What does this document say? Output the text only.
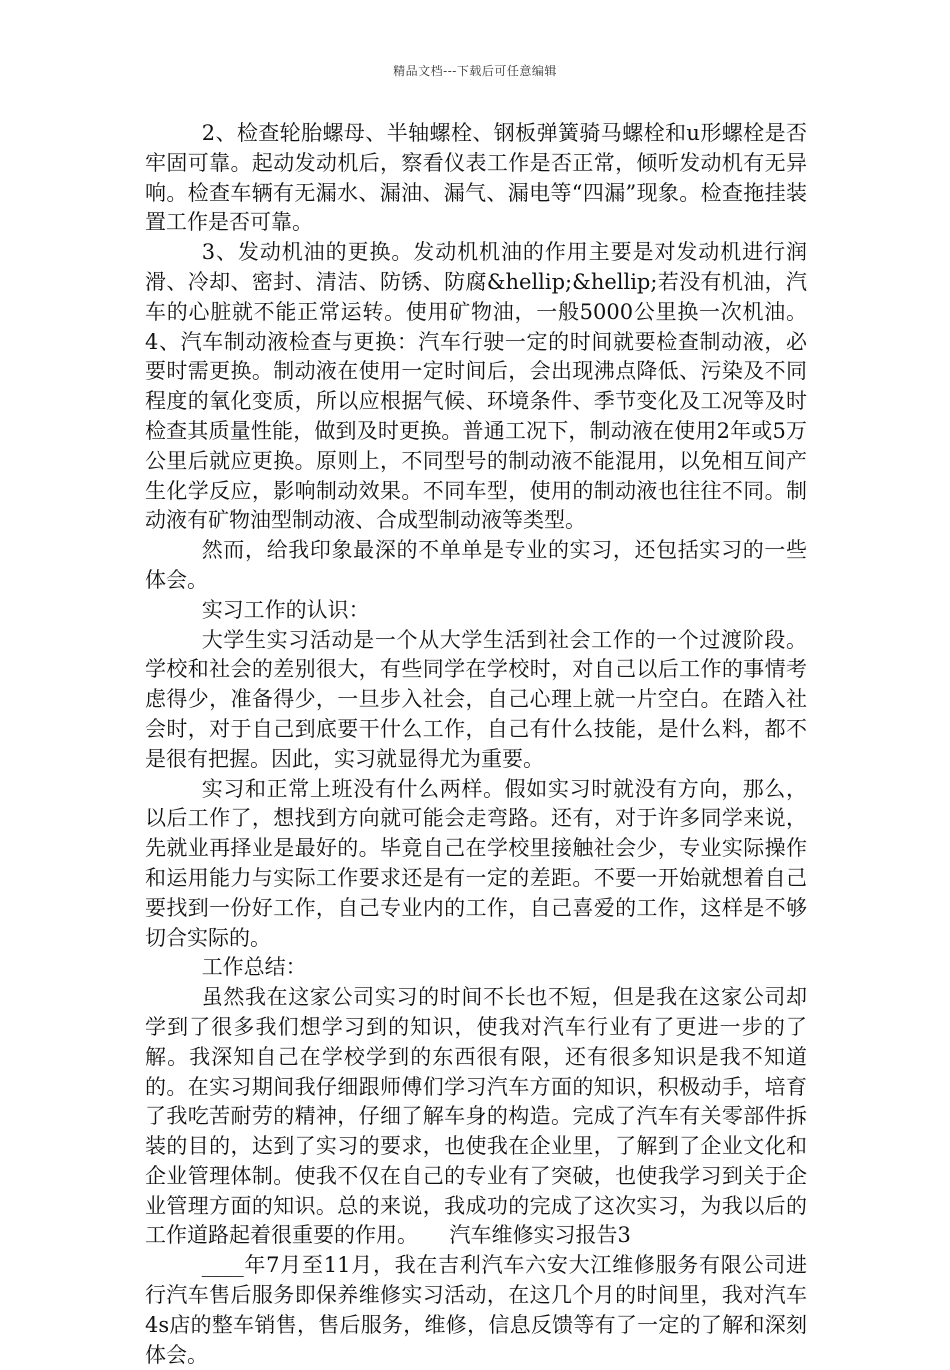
精品文档---下载后可任意编辑

2、检查轮胎螺母、半轴螺栓、钢板弹簧骑马螺栓和u形螺栓是否牢固可靠。起动发动机后，察看仪表工作是否正常，倾听发动机有无异响。检查车辆有无漏水、漏油、漏气、漏电等“四漏”现象。检查拖挂装置工作是否可靠。

3、发动机油的更换。发动机机油的作用主要是对发动机进行润滑、冷却、密封、清洁、防锈、防腐&hellip;&hellip;若没有机油，汽车的心脏就不能正常运转。使用矿物油，一般5000公里换一次机油。4、汽车制动液检查与更换：汽车行驶一定的时间就要检查制动液，必要时需更换。制动液在使用一定时间后，会出现沸点降低、污染及不同程度的氧化变质，所以应根据气候、环境条件、季节变化及工况等及时检查其质量性能，做到及时更换。普通工况下，制动液在使用2年或5万公里后就应更换。原则上，不同型号的制动液不能混用，以免相互间产生化学反应，影响制动效果。不同车型，使用的制动液也往往不同。制动液有矿物油型制动液、合成型制动液等类型。

然而，给我印象最深的不单单是专业的实习，还包括实习的一些体会。

实习工作的认识：

大学生实习活动是一个从大学生活到社会工作的一个过渡阶段。学校和社会的差别很大，有些同学在学校时，对自己以后工作的事情考虑得少，准备得少，一旦步入社会，自己心理上就一片空白。在踏入社会时，对于自己到底要干什么工作，自己有什么技能，是什么料，都不是很有把握。因此，实习就显得尤为重要。

实习和正常上班没有什么两样。假如实习时就没有方向，那么，以后工作了，想找到方向就可能会走弯路。还有，对于许多同学来说，先就业再择业是最好的。毕竟自己在学校里接触社会少，专业实际操作和运用能力与实际工作要求还是有一定的差距。不要一开始就想着自己要找到一份好工作，自己专业内的工作，自己喜爱的工作，这样是不够切合实际的。

工作总结：

虽然我在这家公司实习的时间不长也不短，但是我在这家公司却学到了很多我们想学习到的知识，使我对汽车行业有了更进一步的了解。我深知自己在学校学到的东西很有限，还有很多知识是我不知道的。在实习期间我仔细跟师傅们学习汽车方面的知识，积极动手，培育了我吃苦耐劳的精神，仔细了解车身的构造。完成了汽车有关零部件拆装的目的，达到了实习的要求，也使我在企业里，了解到了企业文化和企业管理体制。使我不仅在自己的专业有了突破，也使我学习到关于企业管理方面的知识。总的来说，我成功的完成了这次实习，为我以后的工作道路起着很重要的作用。　　汽车维修实习报告3

____年7月至11月，我在吉利汽车六安大江维修服务有限公司进行汽车售后服务即保养维修实习活动，在这几个月的时间里，我对汽车4s店的整车销售，售后服务，维修，信息反馈等有了一定的了解和深刻体会。
